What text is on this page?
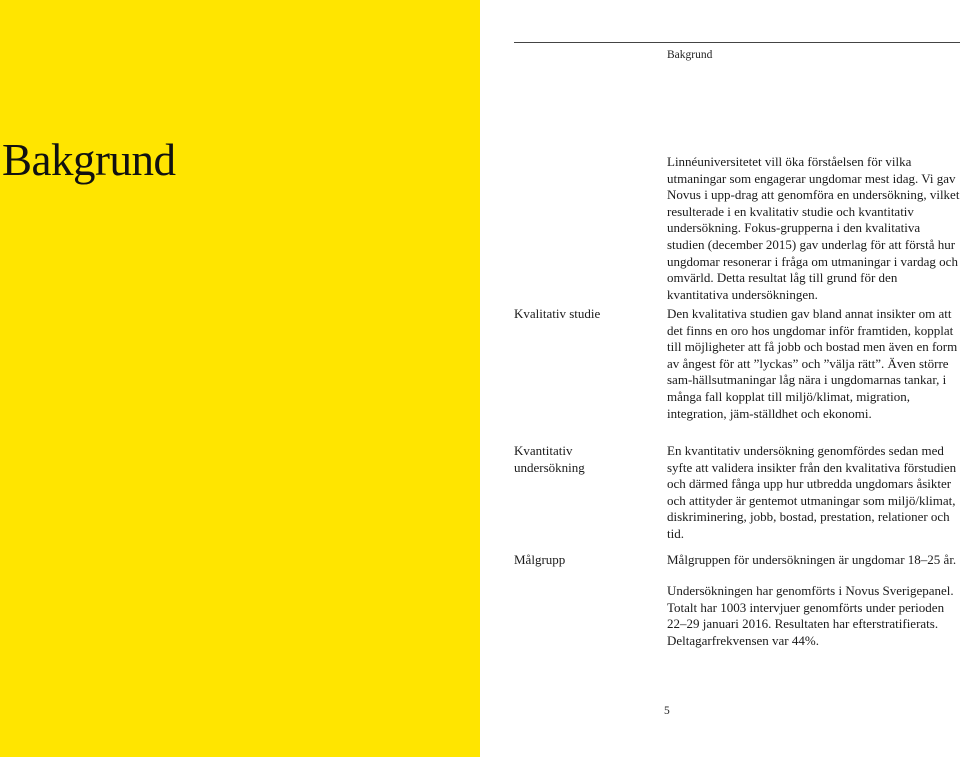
Bakgrund
Bakgrund

Linnéuniversitetet vill öka förståelsen för vilka utmaningar som engagerar ungdomar mest idag. Vi gav Novus i upp-drag att genomföra en undersökning, vilket resulterade i en kvalitativ studie och kvantitativ undersökning. Fokus-grupperna i den kvalitativa studien (december 2015) gav underlag för att förstå hur ungdomar resonerar i fråga om utmaningar i vardag och omvärld. Detta resultat låg till grund för den kvantitativa undersökningen.

Kvalitativ studie	Den kvalitativa studien gav bland annat insikter om att det finns en oro hos ungdomar inför framtiden, kopplat till möjligheter att få jobb och bostad men även en form av ångest för att ”lyckas” och ”välja rätt”. Även större sam-hällsutmaningar låg nära i ungdomarnas tankar, i många fall kopplat till miljö/klimat, migration, integration, jäm-ställdhet och ekonomi.

Kvantitativ undersökning

En kvantitativ undersökning genomfördes sedan med syfte att validera insikter från den kvalitativa förstudien och därmed fånga upp hur utbredda ungdomars åsikter och attityder är gentemot utmaningar som miljö/klimat, diskriminering, jobb, bostad, prestation, relationer och tid.

Målgrupp	Målgruppen för undersökningen är ungdomar 18–25 år.

Undersökningen har genomförts i Novus Sverigepanel. Totalt har 1003 intervjuer genomförts under perioden 22–29 januari 2016. Resultaten har efterstratifierats. Deltagarfrekvensen var 44%.

5
